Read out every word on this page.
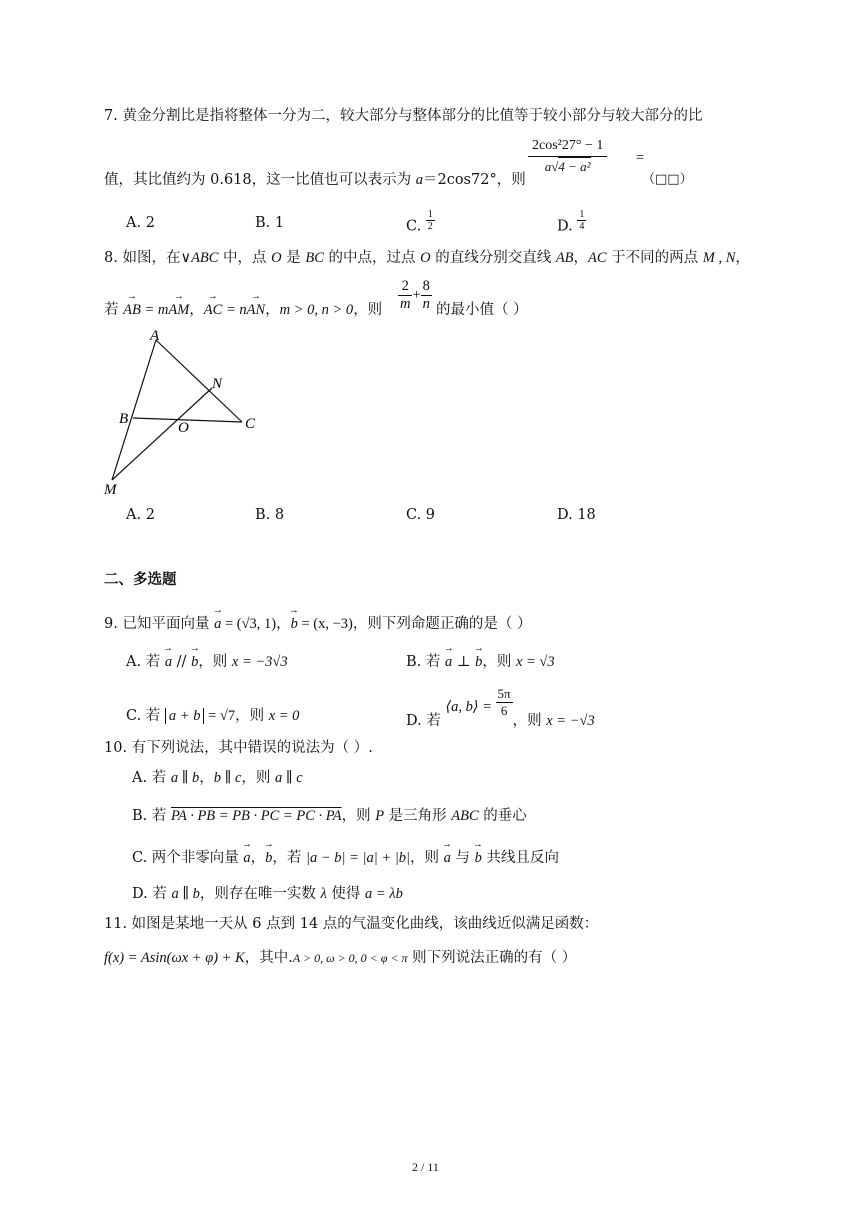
7. 黄金分割比是指将整体一分为二，较大部分与整体部分的比值等于较小部分与较大部分的比
值，其比值约为 0.618，这一比值也可以表示为 a＝2cos72°，则
$\frac{\text{2cos²27° − 1}}{\text{a√4 − a²}}$ =
（□□）
A. 2	B. 1	C. $\frac{1}{2}$	D. $\frac{1}{4}$
8. 如图，在∨ABC 中，点 O 是 BC 的中点，过点 O 的直线分别交直线 AB，AC 于不同的两点 M , N，
若 → AB = m→ AM，→ AC = n→ AN，m > 0, n > 0，则 $\frac{2}{m} + \frac{8}{n}$ 的最小值（ ）
A
B	C
N
O
M
A. 2	B. 8	C. 9	D. 18
二、多选题
9. 已知平面向量 → a = (√3, 1)，→ b = (x, −3)，则下列命题正确的是（ ）
A. 若 → a // → b，则 x = −3√3	B. 若 → a ⊥ → b，则 x = √3
C. 若 a + b = √7，则 x = 0	D. 若 ⟨a, b⟩ = $\frac{5\pi}{6}$
，则 x = −√3
10. 有下列说法，其中错误的说法为（ ）.
A. 若 a ∥ b，b ∥ c，则 a ∥ c
B. 若 PA · PB = PB · PC = PC · PA，则 P 是三角形 ABC 的垂心
C. 两个非零向量 → a，→ b，若 |a − b| = |a| + |b|，则 → a 与 → b 共线且反向
D. 若 a ∥ b，则存在唯一实数 λ 使得 a = λb
11. 如图是某地一天从 6 点到 14 点的气温变化曲线，该曲线近似满足函数：
f(x) = Asin(ωx + φ) + K，其中.A > 0, ω > 0, 0 < φ < π 则下列说法正确的有（ ）
2 / 11
